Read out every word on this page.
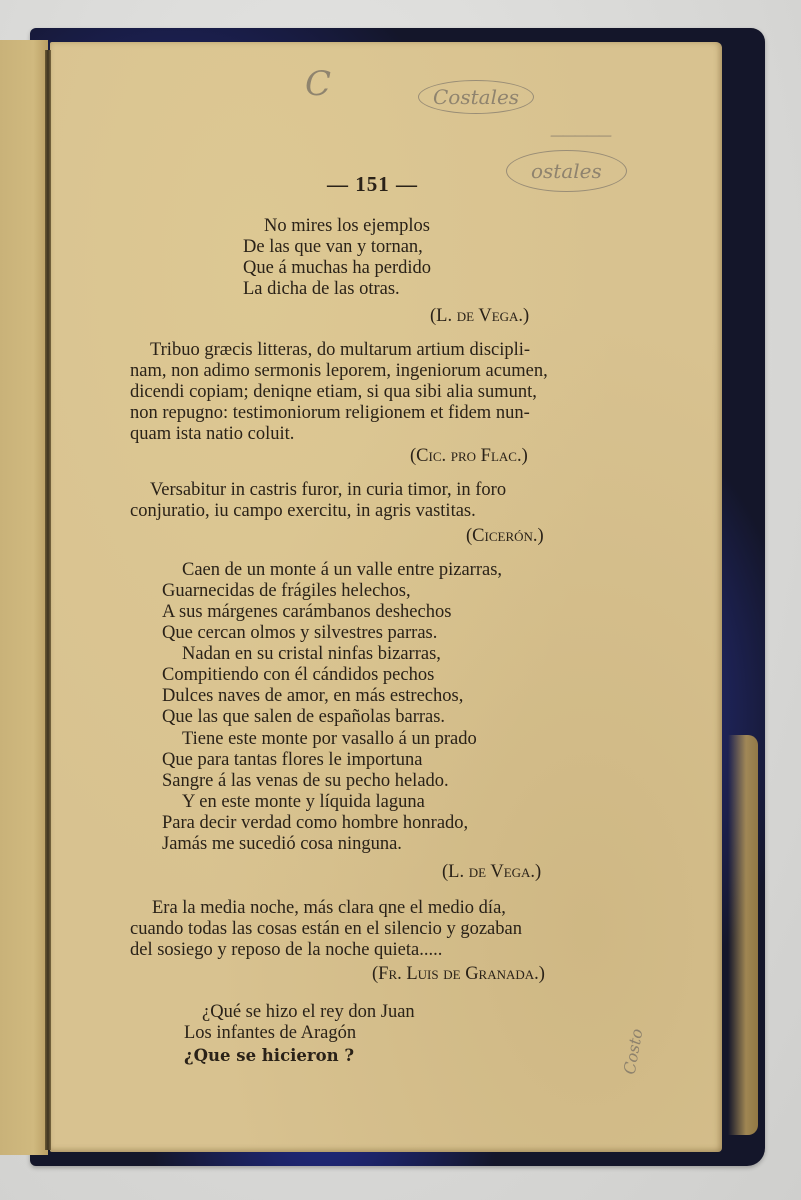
C	Costales
—————
ostales
Costo
— 151 —
No mires los ejemplos
De las que van y tornan,
Que á muchas ha perdido
La dicha de las otras.
(L. de Vega.)
Tribuo græcis litteras, do multarum artium discipli-
nam, non adimo sermonis leporem, ingeniorum acumen,
dicendi copiam; deniqne etiam, si qua sibi alia sumunt,
non repugno: testimoniorum religionem et fidem nun-
quam ista natio coluit.
(Cic. pro Flac.)
Versabitur in castris furor, in curia timor, in foro
conjuratio, iu campo exercitu, in agris vastitas.
(Cicerón.)
Caen de un monte á un valle entre pizarras,
Guarnecidas de frágiles helechos,
A sus márgenes carámbanos deshechos
Que cercan olmos y silvestres parras.
Nadan en su cristal ninfas bizarras,
Compitiendo con él cándidos pechos
Dulces naves de amor, en más estrechos,
Que las que salen de españolas barras.
Tiene este monte por vasallo á un prado
Que para tantas flores le importuna
Sangre á las venas de su pecho helado.
Y en este monte y líquida laguna
Para decir verdad como hombre honrado,
Jamás me sucedió cosa ninguna.
(L. de Vega.)
Era la media noche, más clara qne el medio día,
cuando todas las cosas están en el silencio y gozaban
del sosiego y reposo de la noche quieta.....
(Fr. Luis de Granada.)
¿Qué se hizo el rey don Juan
Los infantes de Aragón
¿Que se hicieron ?
